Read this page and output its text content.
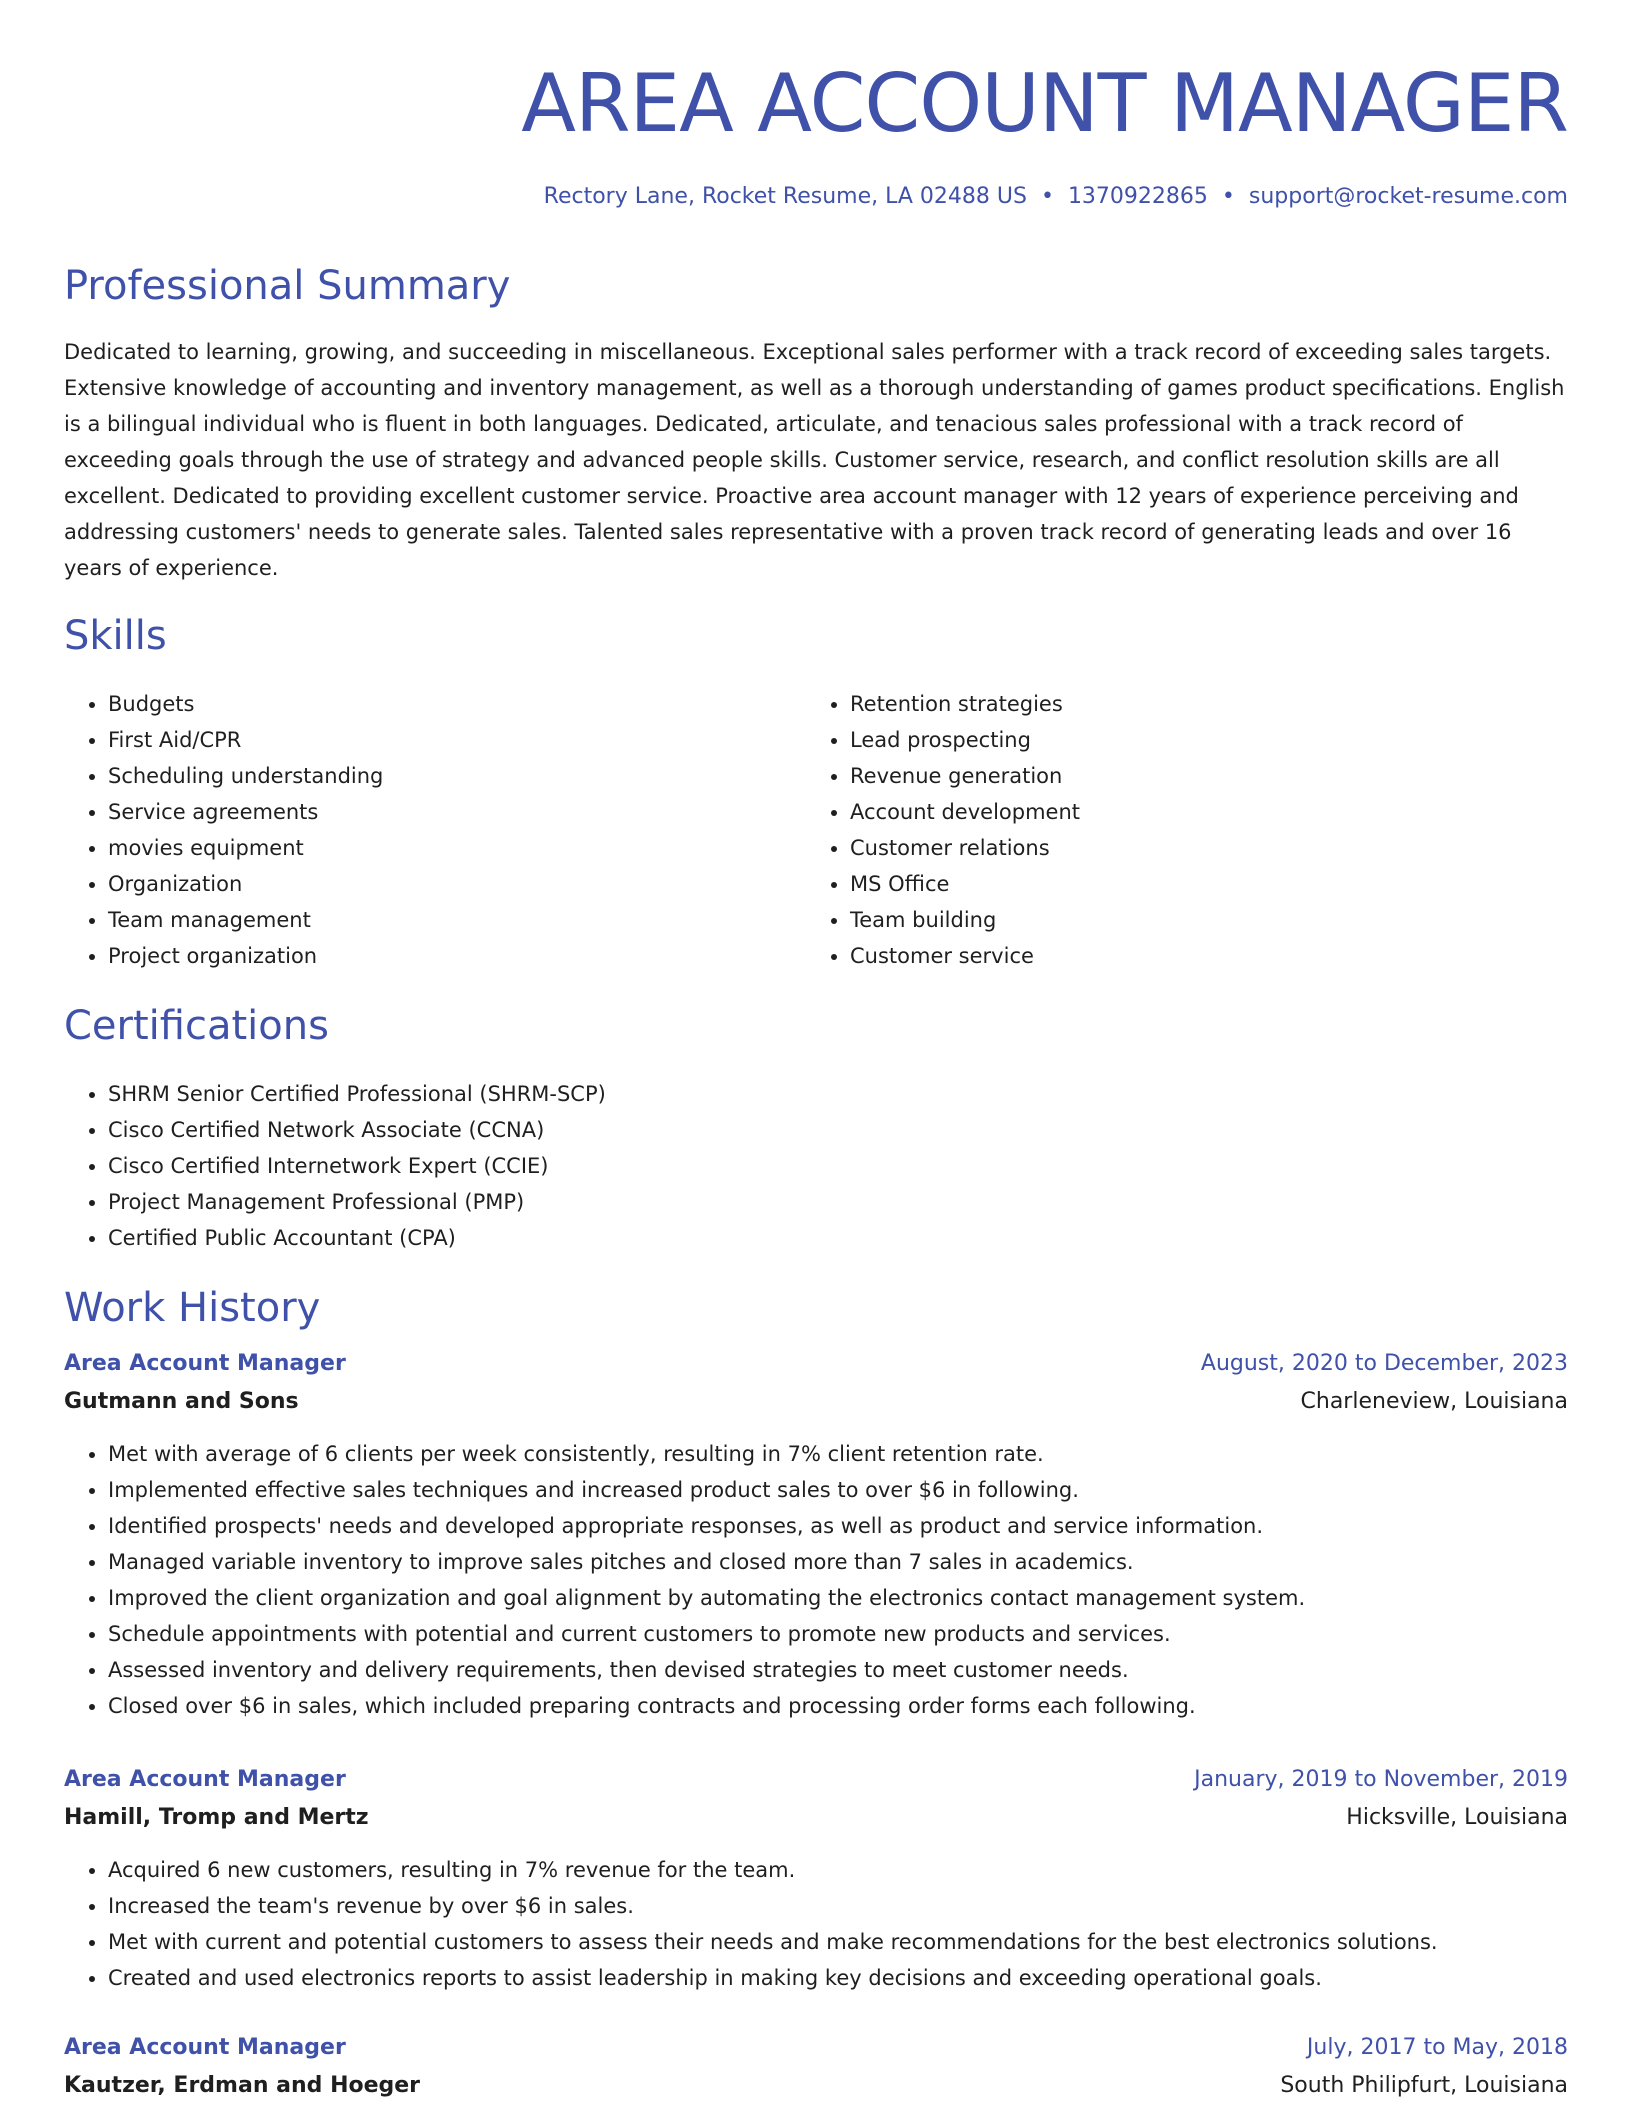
AREA ACCOUNT MANAGER
Rectory Lane, Rocket Resume, LA 02488 US • 1370922865 • support@rocket-resume.com
Professional Summary

Dedicated to learning, growing, and succeeding in miscellaneous. Exceptional sales performer with a track record of exceeding sales targets. Extensive knowledge of accounting and inventory management, as well as a thorough understanding of games product specifications. English is a bilingual individual who is fluent in both languages. Dedicated, articulate, and tenacious sales professional with a track record of exceeding goals through the use of strategy and advanced people skills. Customer service, research, and conflict resolution skills are all excellent. Dedicated to providing excellent customer service. Proactive area account manager with 12 years of experience perceiving and addressing customers' needs to generate sales. Talented sales representative with a proven track record of generating leads and over 16 years of experience.

Skills
• Budgets
• First Aid/CPR
• Scheduling understanding
• Service agreements
• movies equipment
• Organization
• Team management
• Project organization
• Retention strategies
• Lead prospecting
• Revenue generation
• Account development
• Customer relations
• MS Office
• Team building
• Customer service
Certifications
• SHRM Senior Certified Professional (SHRM-SCP)
• Cisco Certified Network Associate (CCNA)
• Cisco Certified Internetwork Expert (CCIE)
• Project Management Professional (PMP)
• Certified Public Accountant (CPA)
Work History
Area Account Manager	August, 2020 to December, 2023
Gutmann and Sons	Charleneview, Louisiana
• Met with average of 6 clients per week consistently, resulting in 7% client retention rate.
• Implemented effective sales techniques and increased product sales to over $6 in following.
• Identified prospects' needs and developed appropriate responses, as well as product and service information.
• Managed variable inventory to improve sales pitches and closed more than 7 sales in academics.
• Improved the client organization and goal alignment by automating the electronics contact management system.
• Schedule appointments with potential and current customers to promote new products and services.
• Assessed inventory and delivery requirements, then devised strategies to meet customer needs.
• Closed over $6 in sales, which included preparing contracts and processing order forms each following.
Area Account Manager	January, 2019 to November, 2019
Hamill, Tromp and Mertz	Hicksville, Louisiana
• Acquired 6 new customers, resulting in 7% revenue for the team.
• Increased the team's revenue by over $6 in sales.
• Met with current and potential customers to assess their needs and make recommendations for the best electronics solutions.
• Created and used electronics reports to assist leadership in making key decisions and exceeding operational goals.
Area Account Manager	July, 2017 to May, 2018
Kautzer, Erdman and Hoeger	South Philipfurt, Louisiana
